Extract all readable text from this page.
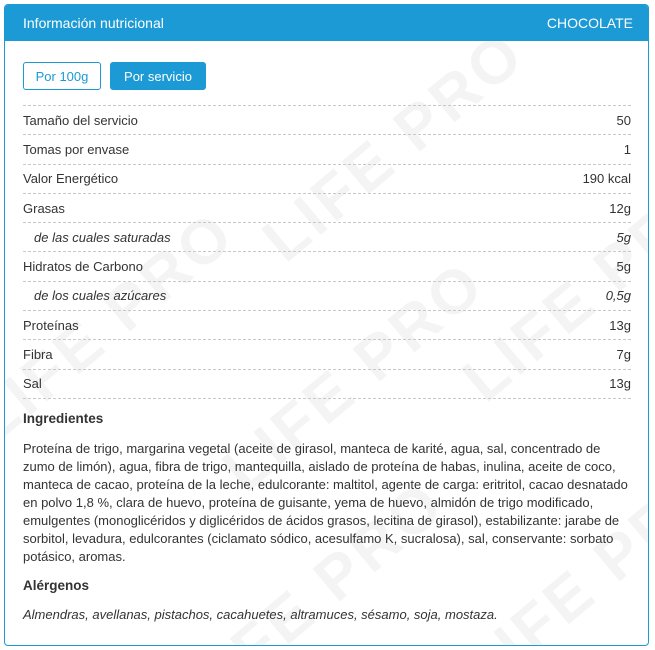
Información nutricional	CHOCOLATE
Por 100g	Por servicio
Tamaño del servicio	50
Tomas por envase	1
Valor Energético	190 kcal
Grasas	12g
de las cuales saturadas	5g
Hidratos de Carbono	5g
de los cuales azúcares	0,5g
Proteínas	13g
Fibra	7g
Sal	13g
Ingredientes
Proteína de trigo, margarina vegetal (aceite de girasol, manteca de karité, agua, sal, concentrado de zumo de limón), agua, fibra de trigo, mantequilla, aislado de proteína de habas, inulina, aceite de coco, manteca de cacao, proteína de la leche, edulcorante: maltitol, agente de carga: eritritol, cacao desnatado en polvo 1,8 %, clara de huevo, proteína de guisante, yema de huevo, almidón de trigo modificado, emulgentes (monoglicéridos y diglicéridos de ácidos grasos, lecitina de girasol), estabilizante: jarabe de sorbitol, levadura, edulcorantes (ciclamato sódico, acesulfamo K, sucralosa), sal, conservante: sorbato potásico, aromas.
Alérgenos
Almendras, avellanas, pistachos, cacahuetes, altramuces, sésamo, soja, mostaza.
